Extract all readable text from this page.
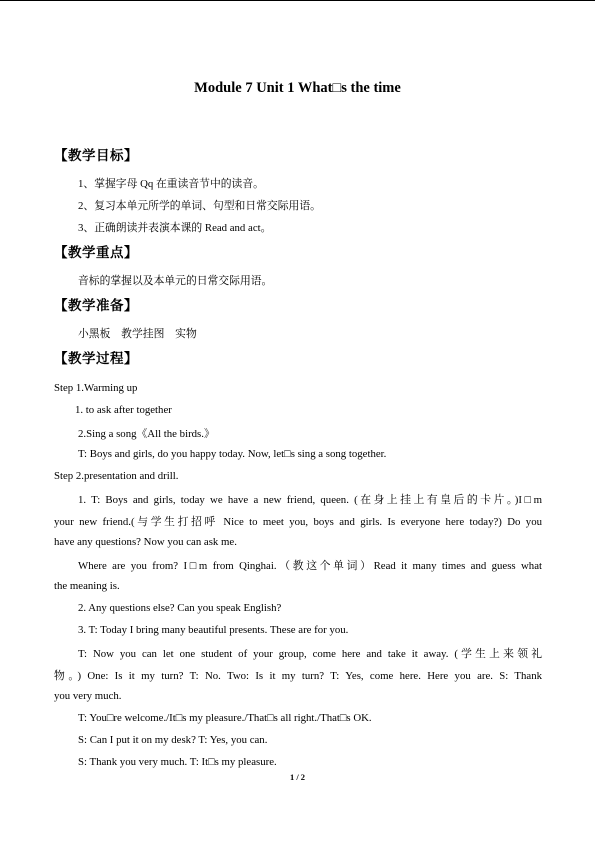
Module 7 Unit 1 What□s the time
【教学目标】
1、掌握字母 Qq 在重读音节中的读音。
2、复习本单元所学的单词、句型和日常交际用语。
3、正确朗读并表演本课的 Read and act。
【教学重点】
音标的掌握以及本单元的日常交际用语。
【教学准备】
小黑板　教学挂图　实物
【教学过程】
Step 1.Warming up
1. to ask after together
2.Sing a song《All the birds.》
T: Boys and girls, do you happy today. Now, let□s sing a song together.
Step 2.presentation and drill.
1. T: Boys and girls, today we have a new friend, queen. (在身上挂上有皇后的卡片。)I□m
your new friend.(与学生打招呼 Nice to meet you, boys and girls. Is everyone here today?) Do you
have any questions? Now you can ask me.
Where are you from? I□m from Qinghai.（教这个单词）Read it many times and guess what
the meaning is.
2. Any questions else? Can you speak English?
3. T: Today I bring many beautiful presents. These are for you.
T: Now you can let one student of your group, come here and take it away. (学生上来领礼
物。) One: Is it my turn? T: No. Two: Is it my turn? T: Yes, come here. Here you are. S: Thank
you very much.
T: You□re welcome./It□s my pleasure./That□s all right./That□s OK.
S: Can I put it on my desk? T: Yes, you can.
S: Thank you very much. T: It□s my pleasure.
1 / 2
